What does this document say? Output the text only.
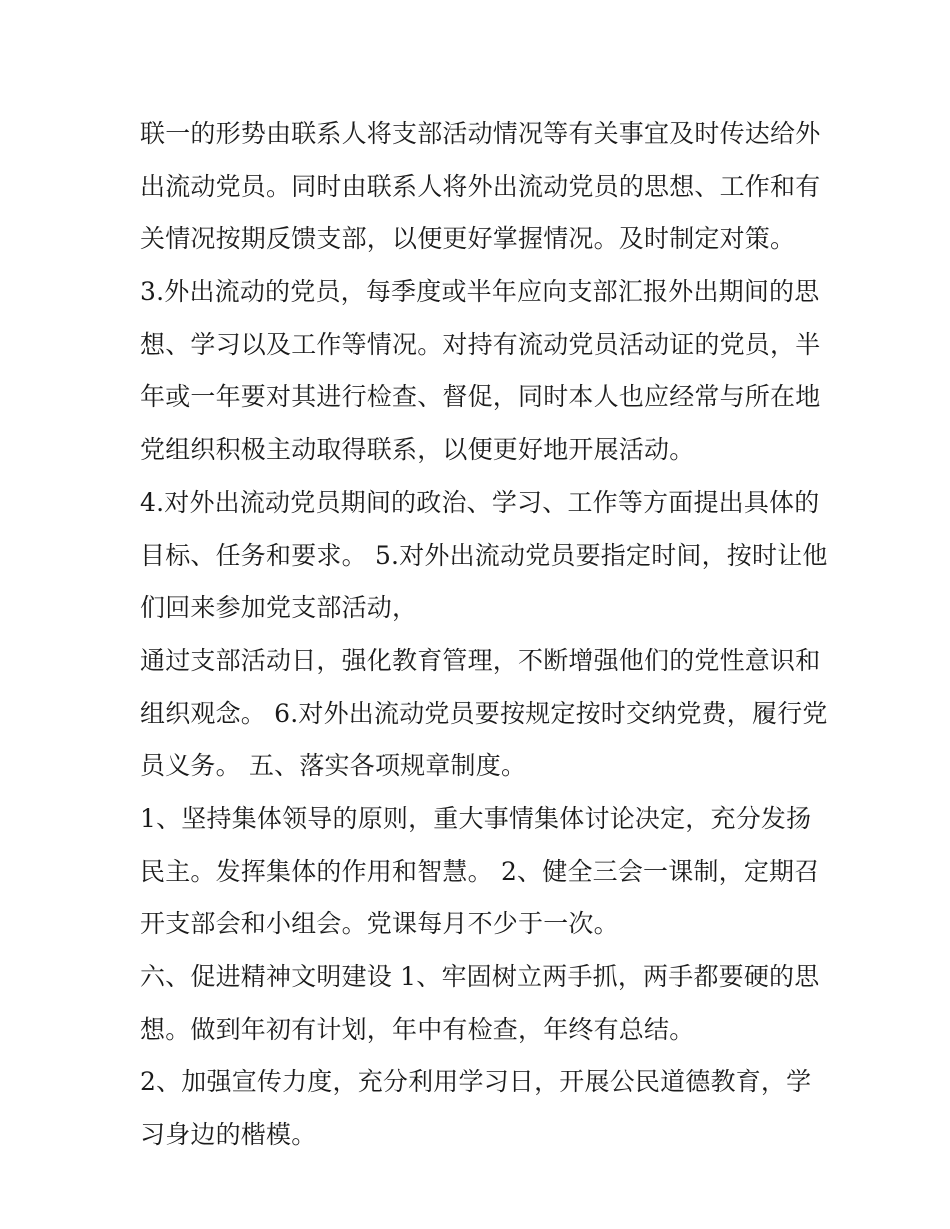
联一的形势由联系人将支部活动情况等有关事宜及时传达给外
出流动党员。同时由联系人将外出流动党员的思想、工作和有
关情况按期反馈支部，以便更好掌握情况。及时制定对策。
3.外出流动的党员，每季度或半年应向支部汇报外出期间的思
想、学习以及工作等情况。对持有流动党员活动证的党员，半
年或一年要对其进行检查、督促，同时本人也应经常与所在地
党组织积极主动取得联系，以便更好地开展活动。
4.对外出流动党员期间的政治、学习、工作等方面提出具体的
目标、任务和要求。 5.对外出流动党员要指定时间，按时让他
们回来参加党支部活动，
通过支部活动日，强化教育管理，不断增强他们的党性意识和
组织观念。 6.对外出流动党员要按规定按时交纳党费，履行党
员义务。 五、落实各项规章制度。
1、坚持集体领导的原则，重大事情集体讨论决定，充分发扬
民主。发挥集体的作用和智慧。 2、健全三会一课制，定期召
开支部会和小组会。党课每月不少于一次。
六、促进精神文明建设 1、牢固树立两手抓，两手都要硬的思
想。做到年初有计划，年中有检查，年终有总结。
2、加强宣传力度，充分利用学习日，开展公民道德教育，学
习身边的楷模。
